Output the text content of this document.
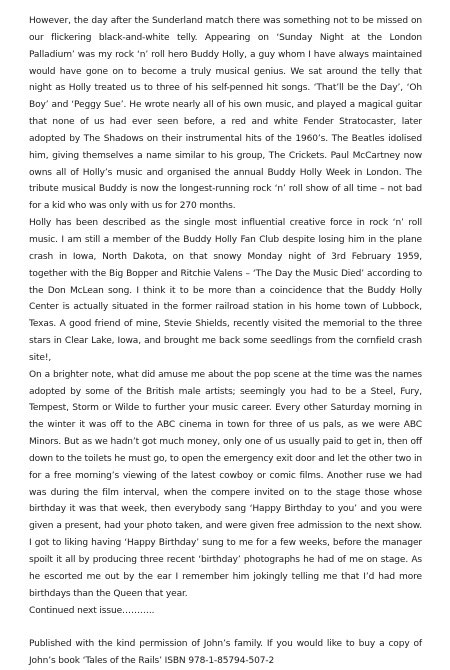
However, the day after the Sunderland match there was something not to be missed on our flickering black-and-white telly. Appearing on ‘Sunday Night at the London Palladium’ was my rock ‘n’ roll hero Buddy Holly, a guy whom I have always maintained would have gone on to become a truly musical genius. We sat around the telly that night as Holly treated us to three of his self-penned hit songs. ‘That’ll be the Day’, ‘Oh Boy’ and ‘Peggy Sue’. He wrote nearly all of his own music, and played a magical guitar that none of us had ever seen before, a red and white Fender Stratocaster, later adopted by The Shadows on their instrumental hits of the 1960’s. The Beatles idolised him, giving themselves a name similar to his group, The Crickets. Paul McCartney now owns all of Holly’s music and organised the annual Buddy Holly Week in London. The tribute musical Buddy is now the longest-running rock ‘n’ roll show of all time – not bad for a kid who was only with us for 270 months.

Holly has been described as the single most influential creative force in rock ‘n’ roll music. I am still a member of the Buddy Holly Fan Club despite losing him in the plane crash in Iowa, North Dakota, on that snowy Monday night of 3rd February 1959, together with the Big Bopper and Ritchie Valens – ‘The Day the Music Died’ according to the Don McLean song. I think it to be more than a coincidence that the Buddy Holly Center is actually situated in the former railroad station in his home town of Lubbock, Texas. A good friend of mine, Stevie Shields, recently visited the memorial to the three stars in Clear Lake, Iowa, and brought me back some seedlings from the cornfield crash site!,

On a brighter note, what did amuse me about the pop scene at the time was the names adopted by some of the British male artists; seemingly you had to be a Steel, Fury, Tempest, Storm or Wilde to further your music career. Every other Saturday morning in the winter it was off to the ABC cinema in town for three of us pals, as we were ABC Minors. But as we hadn’t got much money, only one of us usually paid to get in, then off down to the toilets he must go, to open the emergency exit door and let the other two in for a free morning’s viewing of the latest cowboy or comic films. Another ruse we had was during the film interval, when the compere invited on to the stage those whose birthday it was that week, then everybody sang ‘Happy Birthday to you’ and you were given a present, had your photo taken, and were given free admission to the next show. I got to liking having ‘Happy Birthday’ sung to me for a few weeks, before the manager spoilt it all by producing three recent ‘birthday’ photographs he had of me on stage. As he escorted me out by the ear I remember him jokingly telling me that I’d had more birthdays than the Queen that year.

Continued next issue………..

Published with the kind permission of John’s family. If you would like to buy a copy of John’s book ‘Tales of the Rails’ ISBN 978-1-85794-507-2
